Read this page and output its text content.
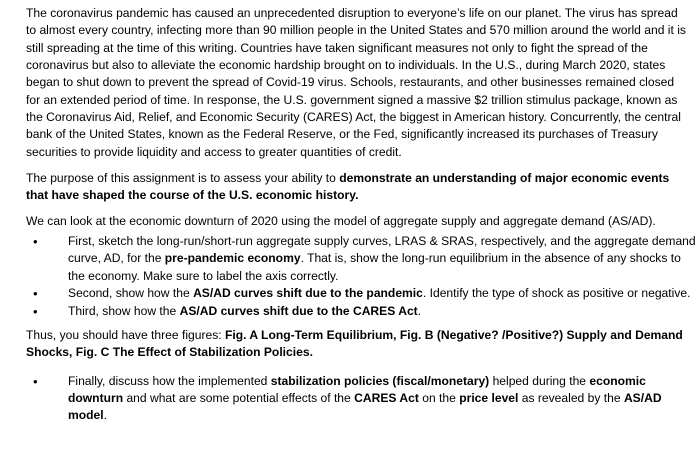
The coronavirus pandemic has caused an unprecedented disruption to everyone’s life on our planet. The virus has spread to almost every country, infecting more than 90 million people in the United States and 570 million around the world and it is still spreading at the time of this writing. Countries have taken significant measures not only to fight the spread of the coronavirus but also to alleviate the economic hardship brought on to individuals. In the U.S., during March 2020, states began to shut down to prevent the spread of Covid-19 virus. Schools, restaurants, and other businesses remained closed for an extended period of time. In response, the U.S. government signed a massive $2 trillion stimulus package, known as the Coronavirus Aid, Relief, and Economic Security (CARES) Act, the biggest in American history. Concurrently, the central bank of the United States, known as the Federal Reserve, or the Fed, significantly increased its purchases of Treasury securities to provide liquidity and access to greater quantities of credit.

The purpose of this assignment is to assess your ability to demonstrate an understanding of major economic events that have shaped the course of the U.S. economic history.

We can look at the economic downturn of 2020 using the model of aggregate supply and aggregate demand (AS/AD).

•	First, sketch the long-run/short-run aggregate supply curves, LRAS & SRAS, respectively, and the aggregate demand curve, AD, for the pre-pandemic economy. That is, show the long-run equilibrium in the absence of any shocks to the economy. Make sure to label the axis correctly.
•	Second, show how the AS/AD curves shift due to the pandemic. Identify the type of shock as positive or negative.
•	Third, show how the AS/AD curves shift due to the CARES Act.

Thus, you should have three figures: Fig. A Long-Term Equilibrium, Fig. B (Negative? /Positive?) Supply and Demand Shocks, Fig. C The Effect of Stabilization Policies.

•	Finally, discuss how the implemented stabilization policies (fiscal/monetary) helped during the economic downturn and what are some potential effects of the CARES Act on the price level as revealed by the AS/AD model.
